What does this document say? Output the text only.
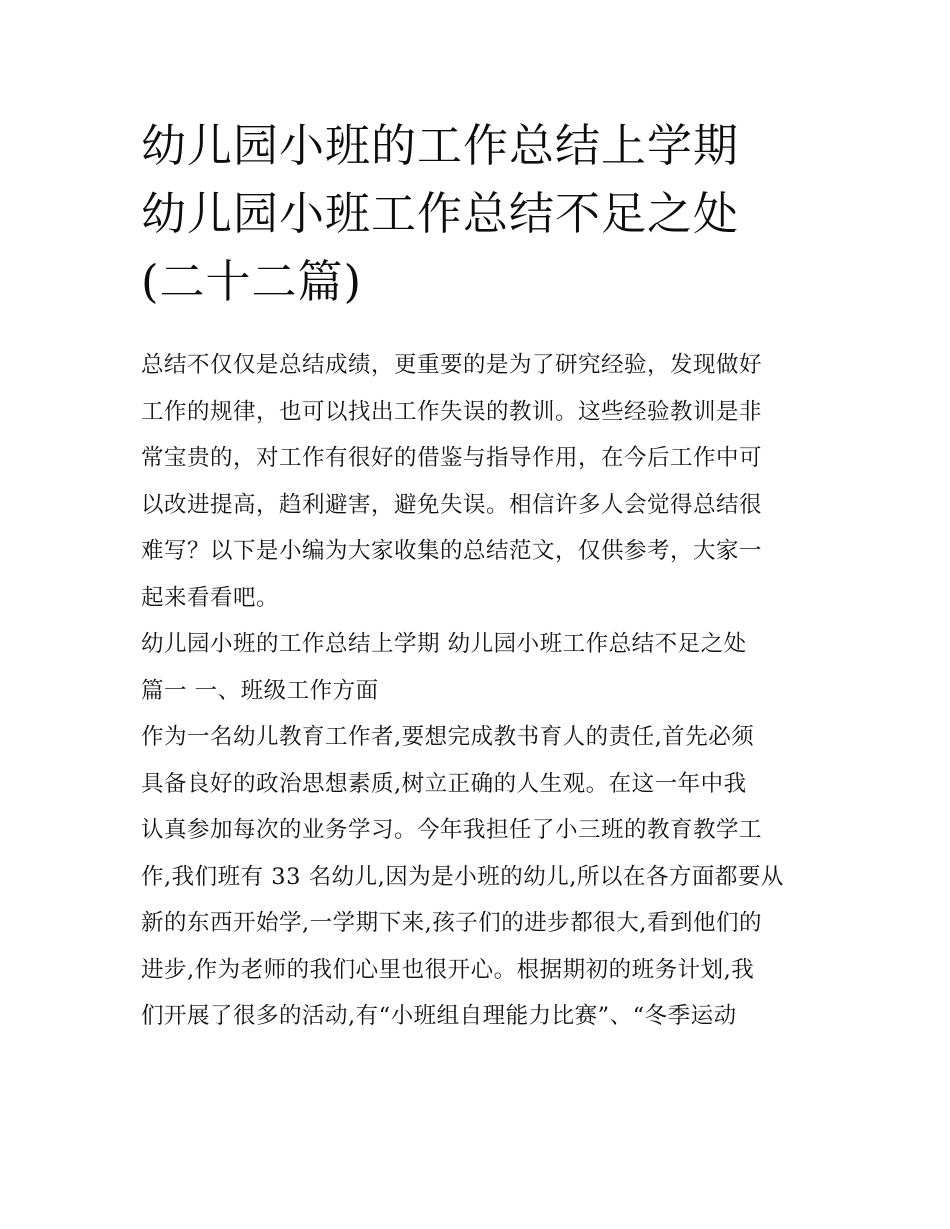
幼儿园小班的工作总结上学期
幼儿园小班工作总结不足之处
(二十二篇)

总结不仅仅是总结成绩，更重要的是为了研究经验，发现做好
工作的规律，也可以找出工作失误的教训。这些经验教训是非
常宝贵的，对工作有很好的借鉴与指导作用，在今后工作中可
以改进提高，趋利避害，避免失误。相信许多人会觉得总结很
难写？以下是小编为大家收集的总结范文，仅供参考，大家一
起来看看吧。

幼儿园小班的工作总结上学期 幼儿园小班工作总结不足之处
篇一 一、班级工作方面

作为一名幼儿教育工作者,要想完成教书育人的责任,首先必须
具备良好的政治思想素质,树立正确的人生观。在这一年中我
认真参加每次的业务学习。今年我担任了小三班的教育教学工
作,我们班有 33 名幼儿,因为是小班的幼儿,所以在各方面都要从
新的东西开始学,一学期下来,孩子们的进步都很大,看到他们的
进步,作为老师的我们心里也很开心。根据期初的班务计划,我
们开展了很多的活动,有“小班组自理能力比赛”、“冬季运动
